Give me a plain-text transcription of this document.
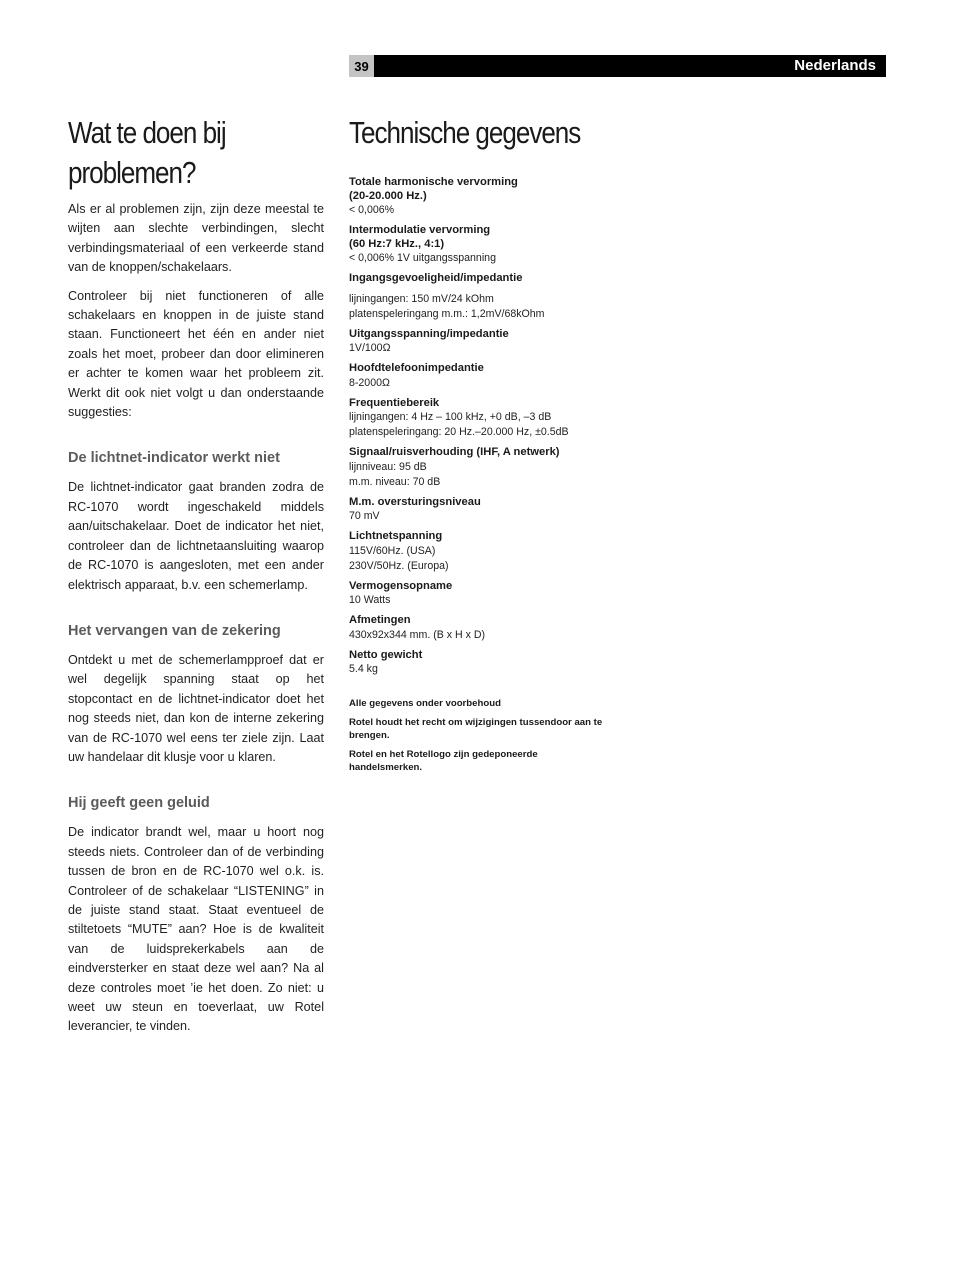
39	Nederlands
Wat te doen bij problemen?

Als er al problemen zijn, zijn deze meestal te wijten aan slechte verbindingen, slecht verbindingsmateriaal of een verkeerde stand van de knoppen/schakelaars.

Controleer bij niet functioneren of alle schakelaars en knoppen in de juiste stand staan. Functioneert het één en ander niet zoals het moet, probeer dan door elimineren er achter te komen waar het probleem zit. Werkt dit ook niet volgt u dan onderstaande suggesties:

De lichtnet-indicator werkt niet

De lichtnet-indicator gaat branden zodra de RC-1070 wordt ingeschakeld middels aan/uitschakelaar. Doet de indicator het niet, controleer dan de lichtnetaansluiting waarop de RC-1070 is aangesloten, met een ander elektrisch apparaat, b.v. een schemerlamp.

Het vervangen van de zekering

Ontdekt u met de schemerlampproef dat er wel degelijk spanning staat op het stopcontact en de lichtnet-indicator doet het nog steeds niet, dan kon de interne zekering van de RC-1070 wel eens ter ziele zijn. Laat uw handelaar dit klusje voor u klaren.

Hij geeft geen geluid

De indicator brandt wel, maar u hoort nog steeds niets. Controleer dan of de verbinding tussen de bron en de RC-1070 wel o.k. is. Controleer of de schakelaar “LISTENING” in de juiste stand staat. Staat eventueel de stiltetoets “MUTE” aan? Hoe is de kwaliteit van de luidsprekerkabels aan de eindversterker en staat deze wel aan? Na al deze controles moet ’ie het doen. Zo niet: u weet uw steun en toeverlaat, uw Rotel leverancier, te vinden.

Technische gegevens
Totale harmonische vervorming
(20-20.000 Hz.)
< 0,006%
Intermodulatie vervorming
(60 Hz:7 kHz., 4:1)
< 0,006% 1V uitgangsspanning
Ingangsgevoeligheid/impedantie
lijningangen: 150 mV/24 kOhm
platenspeleringang m.m.: 1,2mV/68kOhm
Uitgangsspanning/impedantie
1V/100Ω
Hoofdtelefoonimpedantie
8-2000Ω
Frequentiebereik
lijningangen: 4 Hz – 100 kHz, +0 dB, –3 dB
platenspeleringang: 20 Hz.–20.000 Hz, ±0.5dB
Signaal/ruisverhouding (IHF, A netwerk)
lijnniveau: 95 dB
m.m. niveau: 70 dB
M.m. oversturingsniveau
70 mV
Lichtnetspanning
115V/60Hz. (USA)
230V/50Hz. (Europa)
Vermogensopname
10 Watts
Afmetingen
430x92x344 mm. (B x H x D)
Netto gewicht
5.4 kg
Alle gegevens onder voorbehoud
Rotel houdt het recht om wijzigingen tussendoor aan te brengen.
Rotel en het Rotellogo zijn gedeponeerde handelsmerken.
